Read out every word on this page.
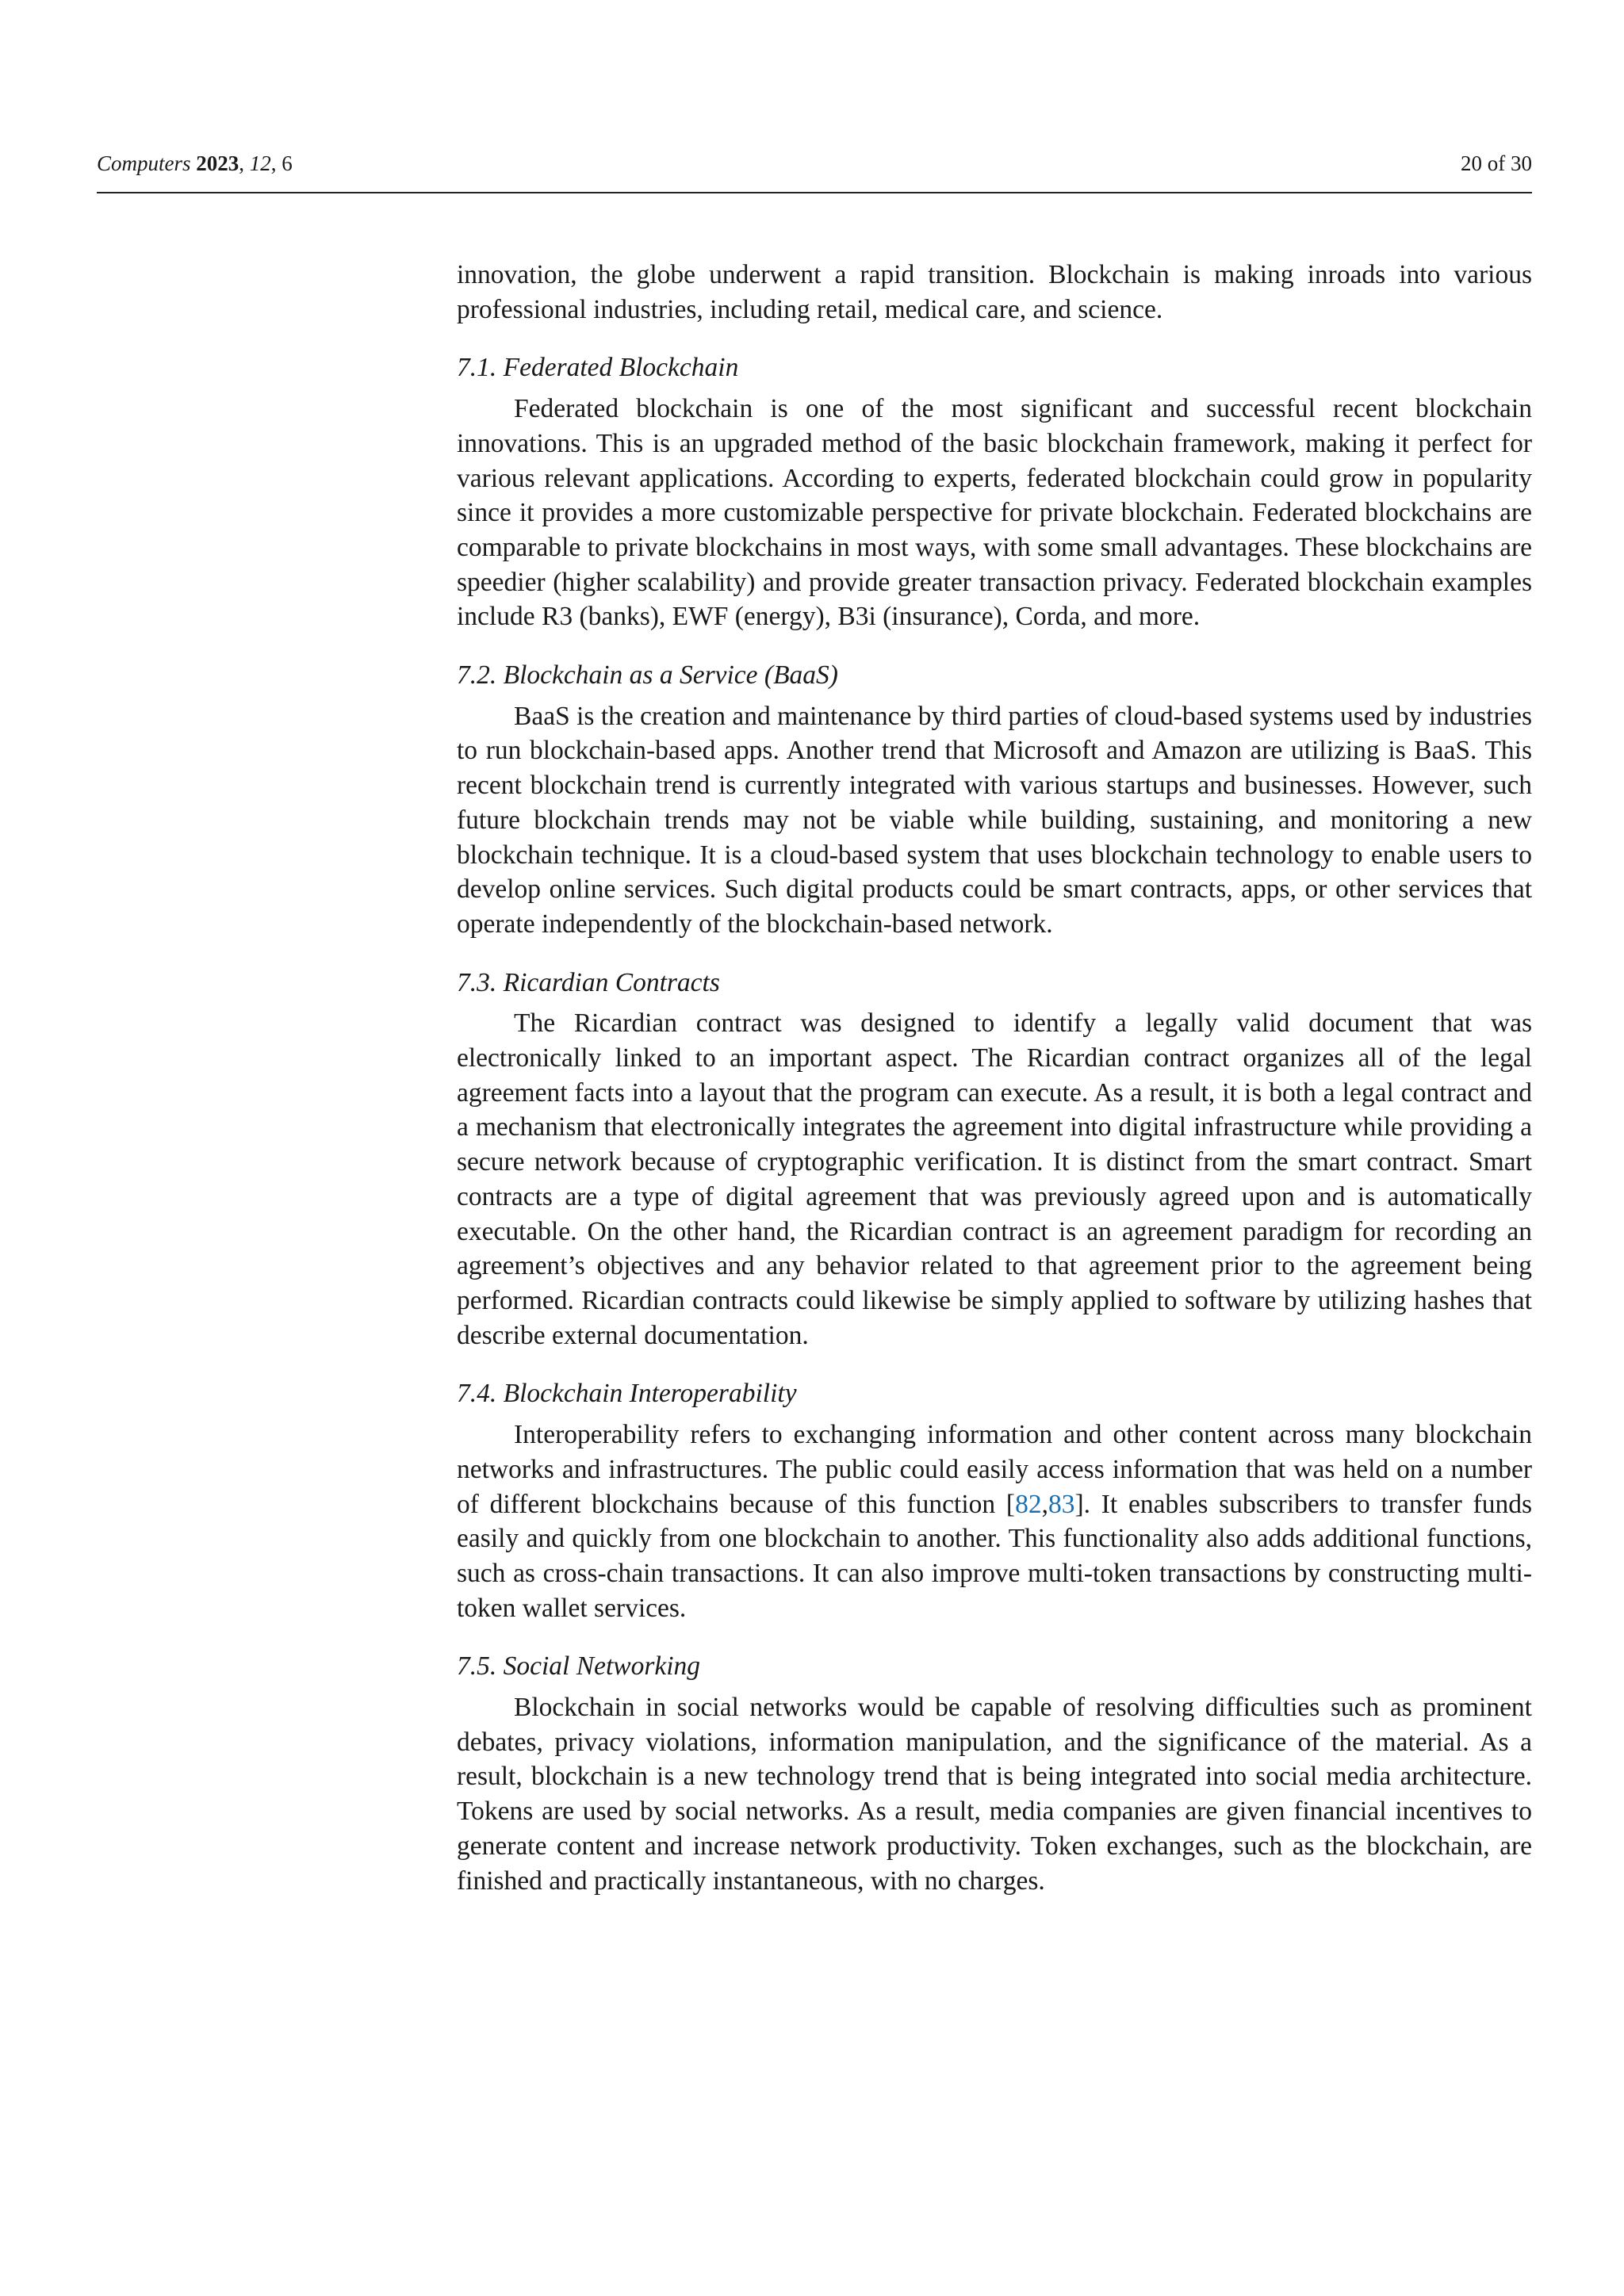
Computers 2023, 12, 6	20 of 30

innovation, the globe underwent a rapid transition. Blockchain is making inroads into various professional industries, including retail, medical care, and science.

7.1. Federated Blockchain

Federated blockchain is one of the most significant and successful recent blockchain innovations. This is an upgraded method of the basic blockchain framework, making it perfect for various relevant applications. According to experts, federated blockchain could grow in popularity since it provides a more customizable perspective for private blockchain. Federated blockchains are comparable to private blockchains in most ways, with some small advantages. These blockchains are speedier (higher scalability) and provide greater transaction privacy. Federated blockchain examples include R3 (banks), EWF (energy), B3i (insurance), Corda, and more.

7.2. Blockchain as a Service (BaaS)

BaaS is the creation and maintenance by third parties of cloud-based systems used by industries to run blockchain-based apps. Another trend that Microsoft and Amazon are utilizing is BaaS. This recent blockchain trend is currently integrated with various startups and businesses. However, such future blockchain trends may not be viable while building, sustaining, and monitoring a new blockchain technique. It is a cloud-based system that uses blockchain technology to enable users to develop online services. Such digital products could be smart contracts, apps, or other services that operate independently of the blockchain-based network.

7.3. Ricardian Contracts

The Ricardian contract was designed to identify a legally valid document that was electronically linked to an important aspect. The Ricardian contract organizes all of the legal agreement facts into a layout that the program can execute. As a result, it is both a legal contract and a mechanism that electronically integrates the agreement into digital infrastructure while providing a secure network because of cryptographic verification. It is distinct from the smart contract. Smart contracts are a type of digital agreement that was previously agreed upon and is automatically executable. On the other hand, the Ricardian contract is an agreement paradigm for recording an agreement’s objectives and any behavior related to that agreement prior to the agreement being performed. Ricardian contracts could likewise be simply applied to software by utilizing hashes that describe external documentation.

7.4. Blockchain Interoperability

Interoperability refers to exchanging information and other content across many blockchain networks and infrastructures. The public could easily access information that was held on a number of different blockchains because of this function [82,83]. It enables subscribers to transfer funds easily and quickly from one blockchain to another. This functionality also adds additional functions, such as cross-chain transactions. It can also improve multi-token transactions by constructing multi-token wallet services.

7.5. Social Networking

Blockchain in social networks would be capable of resolving difficulties such as prominent debates, privacy violations, information manipulation, and the significance of the material. As a result, blockchain is a new technology trend that is being integrated into social media architecture. Tokens are used by social networks. As a result, media companies are given financial incentives to generate content and increase network productivity. Token exchanges, such as the blockchain, are finished and practically instantaneous, with no charges.
